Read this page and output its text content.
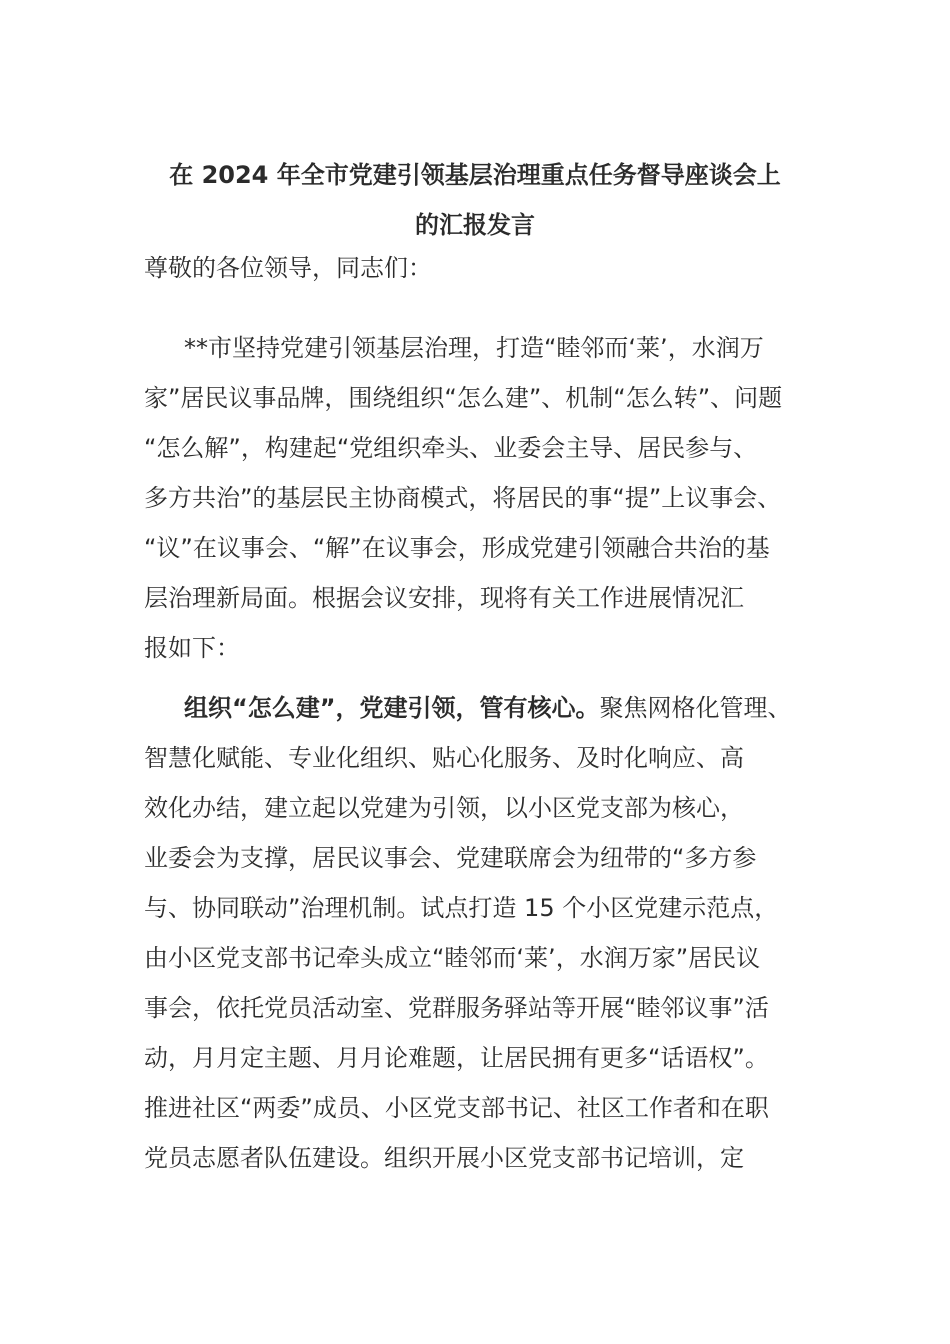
在 2024 年全市党建引领基层治理重点任务督导座谈会上
的汇报发言
尊敬的各位领导，同志们：
**市坚持党建引领基层治理，打造“睦邻而‘莱’，水润万
家”居民议事品牌，围绕组织“怎么建”、机制“怎么转”、问题
“怎么解”，构建起“党组织牵头、业委会主导、居民参与、
多方共治”的基层民主协商模式，将居民的事“提”上议事会、
“议”在议事会、“解”在议事会，形成党建引领融合共治的基
层治理新局面。根据会议安排，现将有关工作进展情况汇
报如下：
组织“怎么建”，党建引领，管有核心。聚焦网格化管理、
智慧化赋能、专业化组织、贴心化服务、及时化响应、高
效化办结，建立起以党建为引领，以小区党支部为核心，
业委会为支撑，居民议事会、党建联席会为纽带的“多方参
与、协同联动”治理机制。试点打造 15 个小区党建示范点，
由小区党支部书记牵头成立“睦邻而‘莱’，水润万家”居民议
事会，依托党员活动室、党群服务驿站等开展“睦邻议事”活
动，月月定主题、月月论难题，让居民拥有更多“话语权”。
推进社区“两委”成员、小区党支部书记、社区工作者和在职
党员志愿者队伍建设。组织开展小区党支部书记培训，定
